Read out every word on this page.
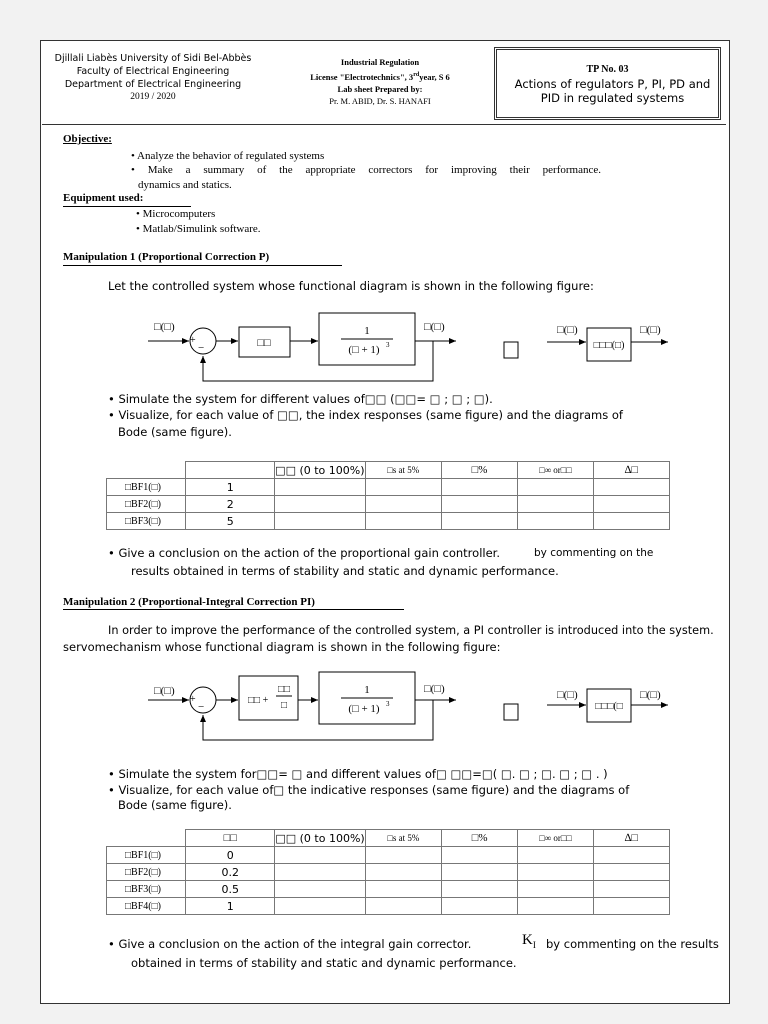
Djillali Liabès University of Sidi Bel-Abbès
Faculty of Electrical Engineering
Department of Electrical Engineering
2019 / 2020
Industrial Regulation
License "Electrotechnics", 3rdyear, S 6
Lab sheet Prepared by:
Pr. M. ABID, Dr. S. HANAFI
TP No. 03
Actions of regulators P, PI, PD and PID in regulated systems
Objective:
• Analyze the behavior of regulated systems
• Make a summary of the appropriate correctors for improving their performance.
dynamics and statics.
Equipment used:
• Microcomputers
• Matlab/Simulink software.
Manipulation 1 (Proportional Correction P)
Let the controlled system whose functional diagram is shown in the following figure:
□(□)
+
−	□□
1
(□ + 1) 3
□(□)	□(□)
□□□(□)
□(□)
• Simulate the system for different values of□□ (□□= □ ; □ ; □).
• Visualize, for each value of □□, the index responses (same figure) and the diagrams of
Bode (same figure).
		□□ (0 to 100%)	□s at 5%	□%	□∞ or□□	∆□
□BF1(□)	1					
□BF2(□)	2					
□BF3(□)	5					
• Give a conclusion on the action of the proportional gain controller.	by commenting on the
results obtained in terms of stability and static and dynamic performance.
Manipulation 2 (Proportional-Integral Correction PI)
In order to improve the performance of the controlled system, a PI controller is introduced into the system.
servomechanism whose functional diagram is shown in the following figure:
□(□)
+
−
□□ +
□□
□
1
(□ + 1) 3
□(□)	□(□)
□□□(□
□(□)
• Simulate the system for□□= □ and different values of□ □□=□( □. □ ; □. □ ; □ . )
• Visualize, for each value of□ the indicative responses (same figure) and the diagrams of
Bode (same figure).
	□□	□□ (0 to 100%)	□s at 5%	□%	□∞ or□□	∆□
□BF1(□)	0					
□BF2(□)	0.2					
□BF3(□)	0.5					
□BF4(□)	1					
• Give a conclusion on the action of the integral gain corrector.	$K_I$ by commenting on the results
obtained in terms of stability and static and dynamic performance.
